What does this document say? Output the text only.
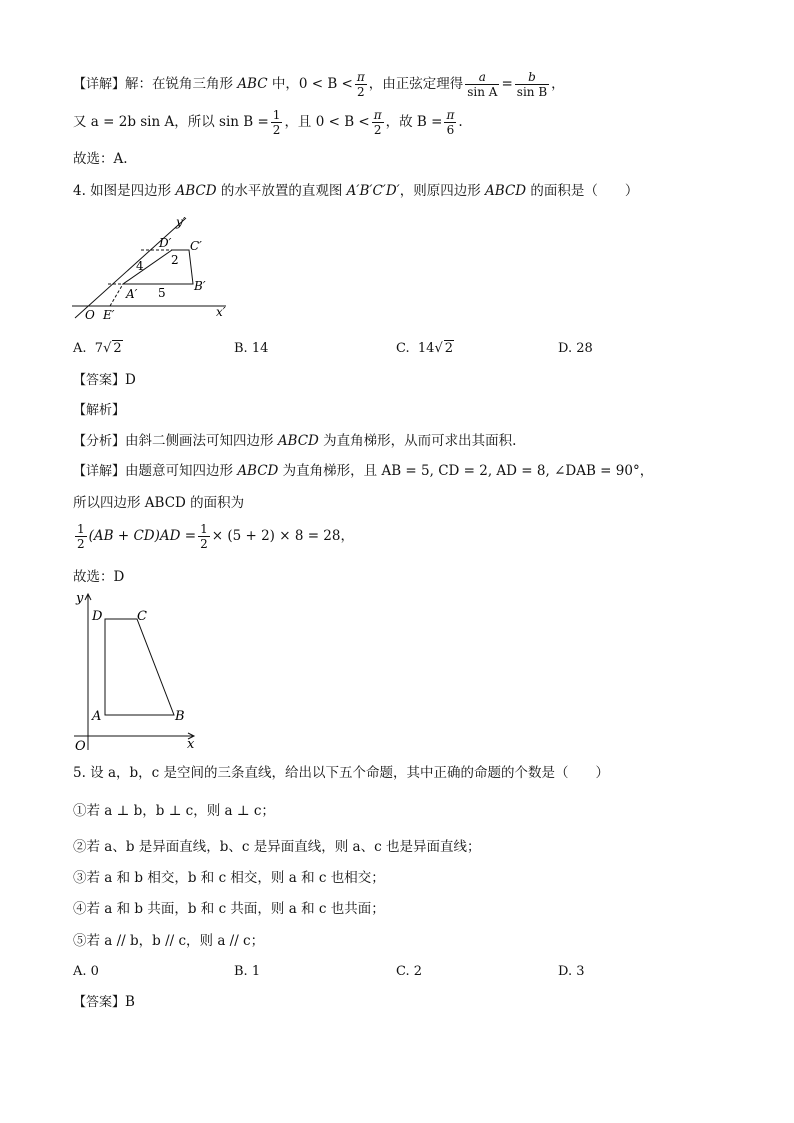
【详解】解：在锐角三角形 ABC 中，$0 < B < \frac{\pi}{2}$ ，由正弦定理得 $\frac{a}{\text{sin A}} = \frac{b}{\text{sin B}}$ ，
又 a = 2b sin A，所以 $\sin B = \frac{1}{2}$ ，且 $0 < B < \frac{\pi}{2}$ ，故 $B = \frac{\pi}{6}$ .
故选：A.
4. 如图是四边形 ABCD 的水平放置的直观图 A′B′C′D′，则原四边形 ABCD 的面积是（　　）
y′
x′
O E′
A′
B′
C′
D′
4 2
5
A. 7√ 2	B. 14	C. 14√ 2	D. 28
【答案】D
【解析】
【分析】由斜二侧画法可知四边形 ABCD 为直角梯形，从而可求出其面积.
【详解】由题意可知四边形 ABCD 为直角梯形，且 AB = 5, CD = 2, AD = 8, ∠DAB = 90°，
所以四边形 ABCD 的面积为
$\frac{1}{2} (AB + CD)AD = \frac{1}{2} \times (5 + 2) \times 8 = 28$，
故选：D
y
x
O
A	B
C
D
5. 设 a，b，c 是空间的三条直线，给出以下五个命题，其中正确的命题的个数是（　　）
①若 a ⊥ b，b ⊥ c，则 a ⊥ c；
②若 a、b 是异面直线，b、c 是异面直线，则 a、c 也是异面直线；
③若 a 和 b 相交，b 和 c 相交，则 a 和 c 也相交；
④若 a 和 b 共面，b 和 c 共面，则 a 和 c 也共面；
⑤若 a // b，b // c，则 a // c；
A. 0	B. 1	C. 2	D. 3
【答案】B
